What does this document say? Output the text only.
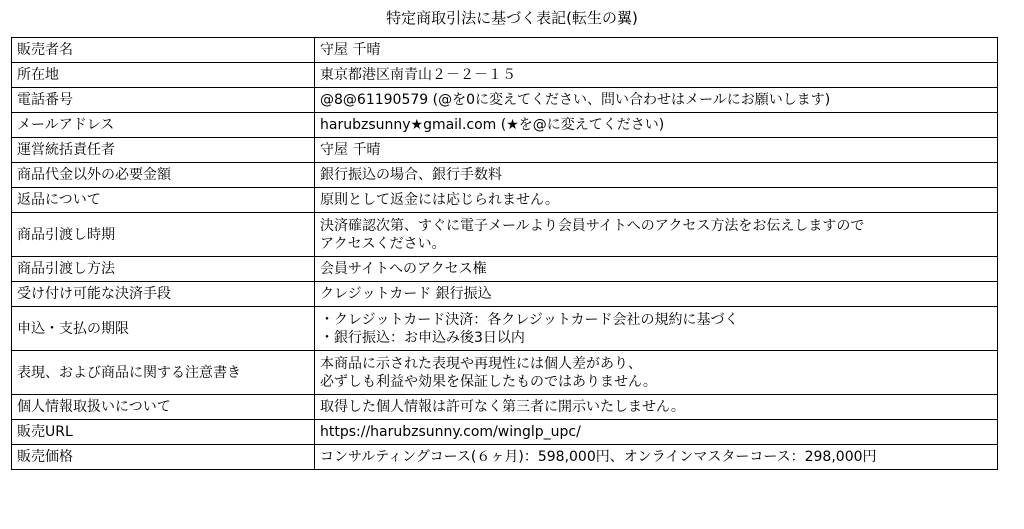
特定商取引法に基づく表記(転生の翼)
販売者名	守屋 千晴

所在地	東京都港区南青山２－２－１５

電話番号	@8@61190579 (@を0に変えてください、問い合わせはメールにお願いします)

メールアドレス	harubzsunny★gmail.com (★を@に変えてください)

運営統括責任者	守屋 千晴

商品代金以外の必要金額	銀行振込の場合、銀行手数料

返品について	原則として返金には応じられません。

商品引渡し時期	決済確認次第、すぐに電子メールより会員サイトへのアクセス方法をお伝えしますので
アクセスください。

商品引渡し方法	会員サイトへのアクセス権

受け付け可能な決済手段	クレジットカード 銀行振込

申込・支払の期限	・クレジットカード決済：各クレジットカード会社の規約に基づく
・銀行振込：お申込み後3日以内

表現、および商品に関する注意書き	本商品に示された表現や再現性には個人差があり、
必ずしも利益や効果を保証したものではありません。

個人情報取扱いについて	取得した個人情報は許可なく第三者に開示いたしません。

販売URL	https://harubzsunny.com/winglp_upc/

販売価格	コンサルティングコース(６ヶ月)：598,000円、オンラインマスターコース：298,000円
